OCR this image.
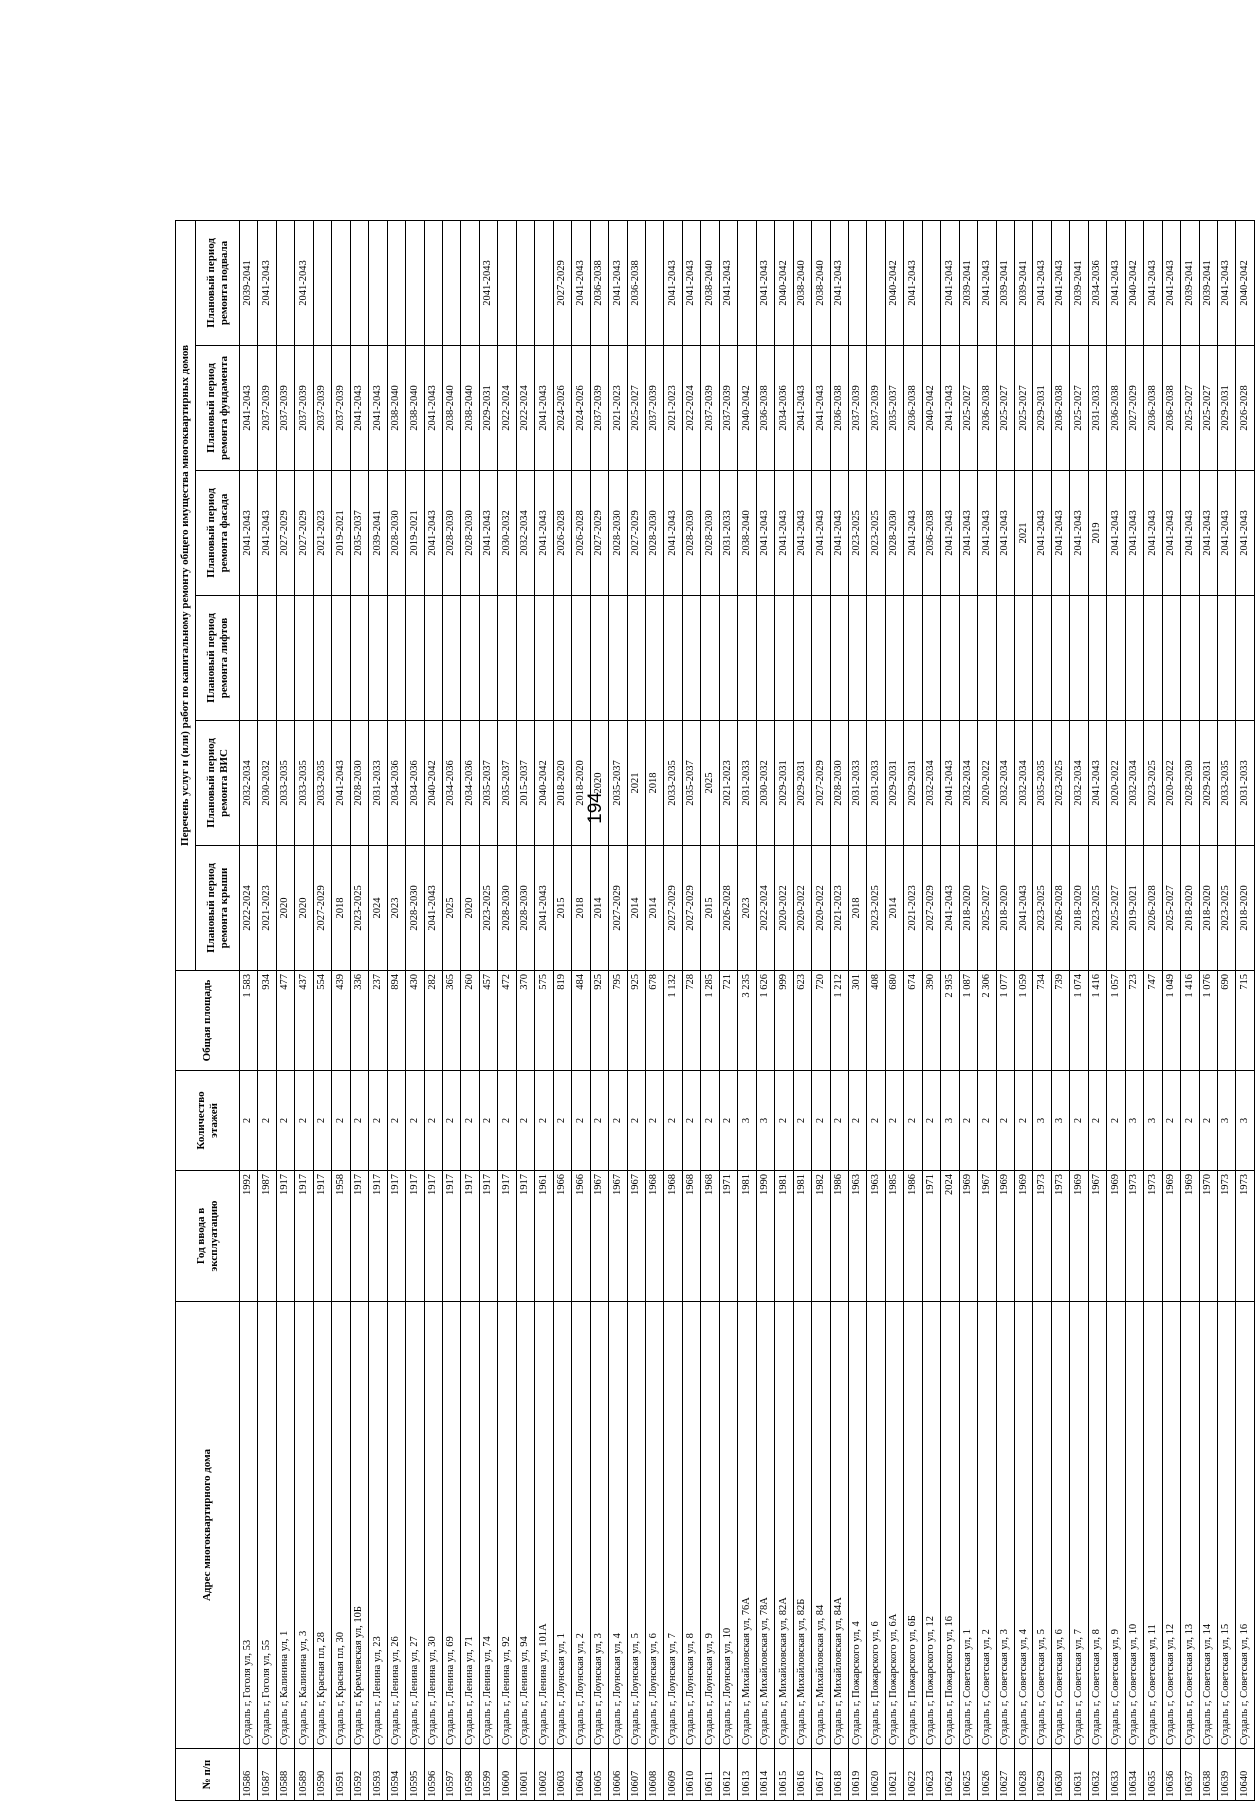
194
№ п/п	Адрес многоквартирного дома	Год ввода в эксплуатацию	Количество этажей	Общая площадь	Перечень услуг и (или) работ по капитальному ремонту общего имущества многоквартирных домов					
					Плановый период ремонта крыши	Плановый период ремонта ВИС	Плановый период ремонта лифтов	Плановый период ремонта фасада	Плановый период ремонта фундамента	Плановый период ремонта подвала
10586	Суздаль г, Гоголя ул, 53	1992	2	1 583	2022-2024	2032-2034		2041-2043	2041-2043	2039-2041
10587	Суздаль г, Гоголя ул, 55	1987	2	934	2021-2023	2030-2032		2041-2043	2037-2039	2041-2043
10588	Суздаль г, Калинина ул, 1	1917	2	477	2020	2033-2035		2027-2029	2037-2039	
10589	Суздаль г, Калинина ул, 3	1917	2	437	2020	2033-2035		2027-2029	2037-2039	2041-2043
10590	Суздаль г, Красная пл, 28	1917	2	554	2027-2029	2033-2035		2021-2023	2037-2039	
10591	Суздаль г, Красная пл, 30	1958	2	439	2018	2041-2043		2019-2021	2037-2039	
10592	Суздаль г, Кремлевская ул, 10Б	1917	2	336	2023-2025	2028-2030		2035-2037	2041-2043	
10593	Суздаль г, Ленина ул, 23	1917	2	237	2024	2031-2033		2039-2041	2041-2043	
10594	Суздаль г, Ленина ул, 26	1917	2	894	2023	2034-2036		2028-2030	2038-2040	
10595	Суздаль г, Ленина ул, 27	1917	2	430	2028-2030	2034-2036		2019-2021	2038-2040	
10596	Суздаль г, Ленина ул, 30	1917	2	282	2041-2043	2040-2042		2041-2043	2041-2043	
10597	Суздаль г, Ленина ул, 69	1917	2	365	2025	2034-2036		2028-2030	2038-2040	
10598	Суздаль г, Ленина ул, 71	1917	2	260	2020	2034-2036		2028-2030	2038-2040	
10599	Суздаль г, Ленина ул, 74	1917	2	457	2023-2025	2035-2037		2041-2043	2029-2031	2041-2043
10600	Суздаль г, Ленина ул, 92	1917	2	472	2028-2030	2035-2037		2030-2032	2022-2024	
10601	Суздаль г, Ленина ул, 94	1917	2	370	2028-2030	2015-2037		2032-2034	2022-2024	
10602	Суздаль г, Ленина ул, 101А	1961	2	575	2041-2043	2040-2042		2041-2043	2041-2043	
10603	Суздаль г, Лоунская ул, 1	1966	2	819	2015	2018-2020		2026-2028	2024-2026	2027-2029
10604	Суздаль г, Лоунская ул, 2	1966	2	484	2018	2018-2020		2026-2028	2024-2026	2041-2043
10605	Суздаль г, Лоунская ул, 3	1967	2	925	2014	2020		2027-2029	2037-2039	2036-2038
10606	Суздаль г, Лоунская ул, 4	1967	2	795	2027-2029	2035-2037		2028-2030	2021-2023	2041-2043
10607	Суздаль г, Лоунская ул, 5	1967	2	925	2014	2021		2027-2029	2025-2027	2036-2038
10608	Суздаль г, Лоунская ул, 6	1968	2	678	2014	2018		2028-2030	2037-2039	
10609	Суздаль г, Лоунская ул, 7	1968	2	1 132	2027-2029	2033-2035		2041-2043	2021-2023	2041-2043
10610	Суздаль г, Лоунская ул, 8	1968	2	728	2027-2029	2035-2037		2028-2030	2022-2024	2041-2043
10611	Суздаль г, Лоунская ул, 9	1968	2	1 285	2015	2025		2028-2030	2037-2039	2038-2040
10612	Суздаль г, Лоунская ул, 10	1971	2	721	2026-2028	2021-2023		2031-2033	2037-2039	2041-2043
10613	Суздаль г, Михайловская ул, 76А	1981	3	3 235	2023	2031-2033		2038-2040	2040-2042	
10614	Суздаль г, Михайловская ул, 78А	1990	3	1 626	2022-2024	2030-2032		2041-2043	2036-2038	2041-2043
10615	Суздаль г, Михайловская ул, 82А	1981	2	999	2020-2022	2029-2031		2041-2043	2034-2036	2040-2042
10616	Суздаль г, Михайловская ул, 82Б	1981	2	623	2020-2022	2029-2031		2041-2043	2041-2043	2038-2040
10617	Суздаль г, Михайловская ул, 84	1982	2	720	2020-2022	2027-2029		2041-2043	2041-2043	2038-2040
10618	Суздаль г, Михайловская ул, 84А	1986	2	1 212	2021-2023	2028-2030		2041-2043	2036-2038	2041-2043
10619	Суздаль г, Пожарского ул, 4	1963	2	301	2018	2031-2033		2023-2025	2037-2039	
10620	Суздаль г, Пожарского ул, 6	1963	2	408	2023-2025	2031-2033		2023-2025	2037-2039	
10621	Суздаль г, Пожарского ул, 6А	1985	2	680	2014	2029-2031		2028-2030	2035-2037	2040-2042
10622	Суздаль г, Пожарского ул, 6Б	1986	2	674	2021-2023	2029-2031		2041-2043	2036-2038	2041-2043
10623	Суздаль г, Пожарского ул, 12	1971	2	390	2027-2029	2032-2034		2036-2038	2040-2042	
10624	Суздаль г, Пожарского ул, 16	2024	3	2 935	2041-2043	2041-2043		2041-2043	2041-2043	2041-2043
10625	Суздаль г, Советская ул, 1	1969	2	1 087	2018-2020	2032-2034		2041-2043	2025-2027	2039-2041
10626	Суздаль г, Советская ул, 2	1967	2	2 306	2025-2027	2020-2022		2041-2043	2036-2038	2041-2043
10627	Суздаль г, Советская ул, 3	1969	2	1 077	2018-2020	2032-2034		2041-2043	2025-2027	2039-2041
10628	Суздаль г, Советская ул, 4	1969	2	1 059	2041-2043	2032-2034		2021	2025-2027	2039-2041
10629	Суздаль г, Советская ул, 5	1973	3	734	2023-2025	2035-2035		2041-2043	2029-2031	2041-2043
10630	Суздаль г, Советская ул, 6	1973	3	739	2026-2028	2023-2025		2041-2043	2036-2038	2041-2043
10631	Суздаль г, Советская ул, 7	1969	2	1 074	2018-2020	2032-2034		2041-2043	2025-2027	2039-2041
10632	Суздаль г, Советская ул, 8	1967	2	1 416	2023-2025	2041-2043		2019	2031-2033	2034-2036
10633	Суздаль г, Советская ул, 9	1969	2	1 057	2025-2027	2020-2022		2041-2043	2036-2038	2041-2043
10634	Суздаль г, Советская ул, 10	1973	3	723	2019-2021	2032-2034		2041-2043	2027-2029	2040-2042
10635	Суздаль г, Советская ул, 11	1973	3	747	2026-2028	2023-2025		2041-2043	2036-2038	2041-2043
10636	Суздаль г, Советская ул, 12	1969	2	1 049	2025-2027	2020-2022		2041-2043	2036-2038	2041-2043
10637	Суздаль г, Советская ул, 13	1969	2	1 416	2018-2020	2028-2030		2041-2043	2025-2027	2039-2041
10638	Суздаль г, Советская ул, 14	1970	2	1 076	2018-2020	2029-2031		2041-2043	2025-2027	2039-2041
10639	Суздаль г, Советская ул, 15	1973	3	690	2023-2025	2033-2035		2041-2043	2029-2031	2041-2043
10640	Суздаль г, Советская ул, 16	1973	3	715	2018-2020	2031-2033		2041-2043	2026-2028	2040-2042
